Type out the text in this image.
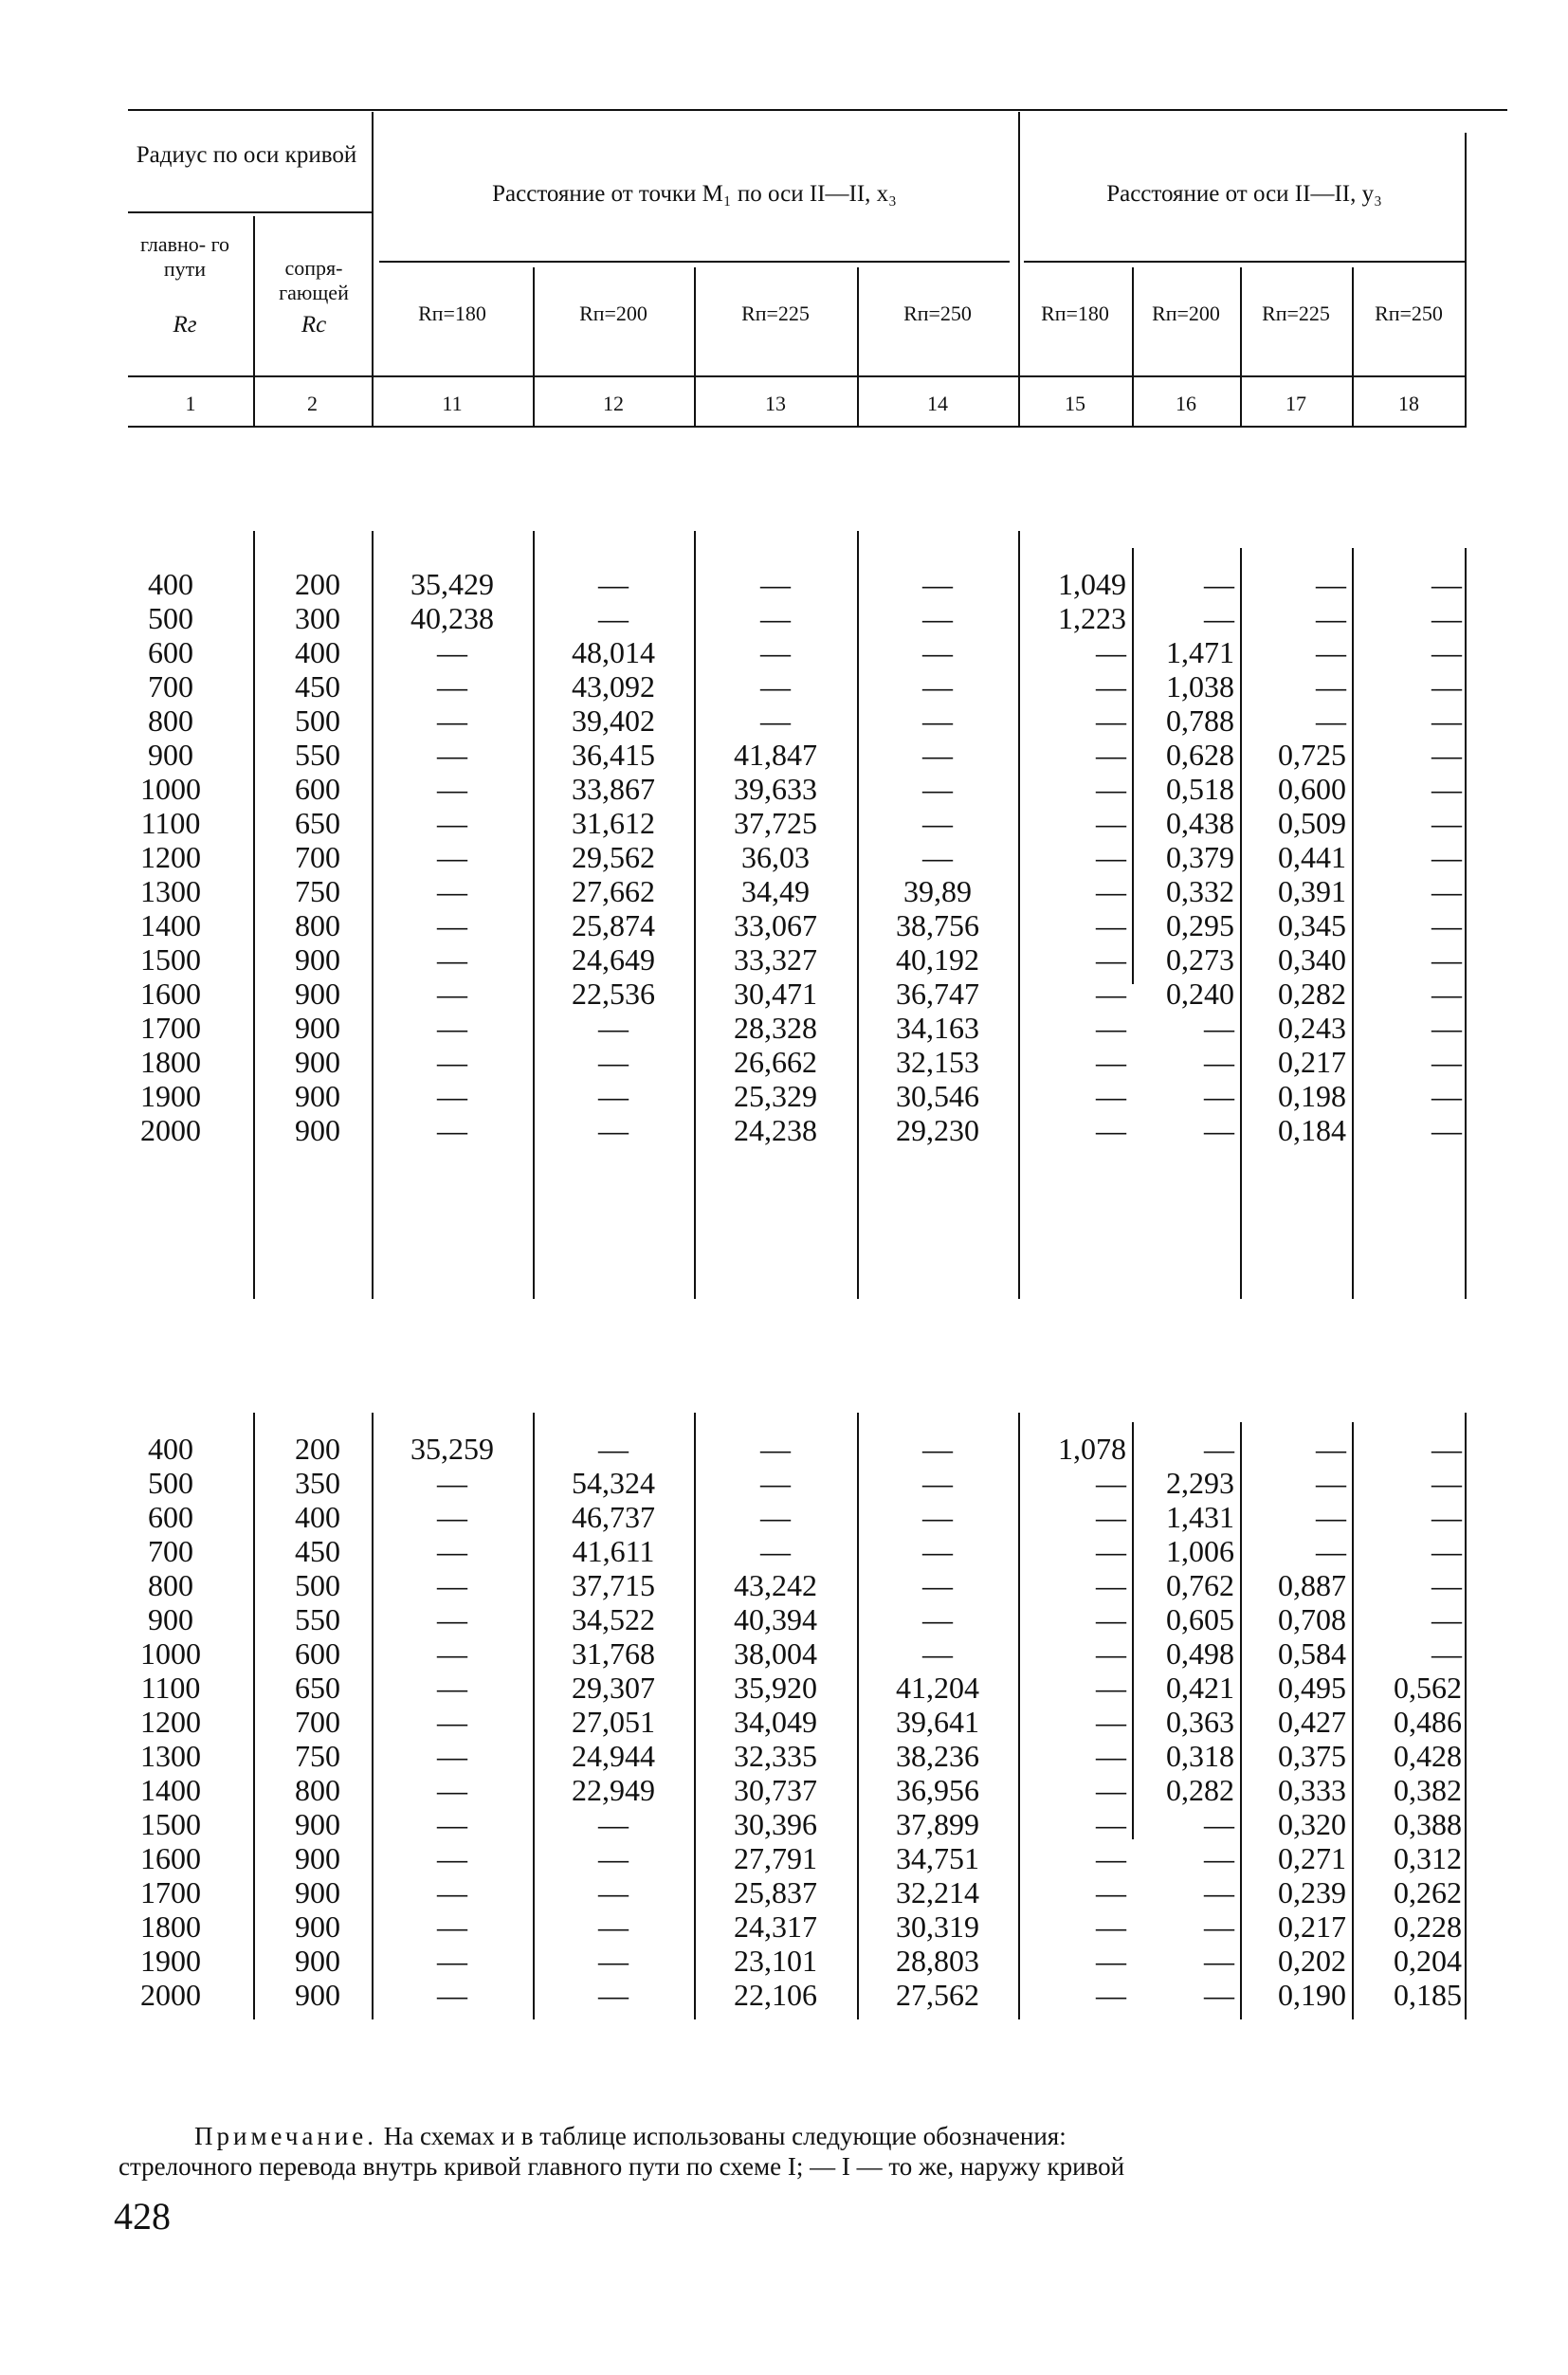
Радиус по оси кривой
Расстояние от точки M₁ по оси II—II, x₃	Расстояние от оси II—II, y₃
главно- го пути
Rг
сопря- гающей
Rс	Rп=180	Rп=200	Rп=225	Rп=250	Rп=180	Rп=200	Rп=225	Rп=250
1	2	11	12	13	14	15	16	17	18
400	200	35,429	—	—	—	1,049	—	—	—
500	300	40,238	—	—	—	1,223	—	—	—
600	400	—	48,014	—	—	—	1,471	—	—
700	450	—	43,092	—	—	—	1,038	—	—
800	500	—	39,402	—	—	—	0,788	—	—
900	550	—	36,415	41,847	—	—	0,628	0,725	—
1000	600	—	33,867	39,633	—	—	0,518	0,600	—
1100	650	—	31,612	37,725	—	—	0,438	0,509	—
1200	700	—	29,562	36,03	—	—	0,379	0,441	—
1300	750	—	27,662	34,49	39,89	—	0,332	0,391	—
1400	800	—	25,874	33,067	38,756	—	0,295	0,345	—
1500	900	—	24,649	33,327	40,192	—	0,273	0,340	—
1600	900	—	22,536	30,471	36,747	—	0,240	0,282	—
1700	900	—	—	28,328	34,163	—	—	0,243	—
1800	900	—	—	26,662	32,153	—	—	0,217	—
1900	900	—	—	25,329	30,546	—	—	0,198	—
2000	900	—	—	24,238	29,230	—	—	0,184	—
400	200	35,259	—	—	—	1,078	—	—	—
500	350	—	54,324	—	—	—	2,293	—	—
600	400	—	46,737	—	—	—	1,431	—	—
700	450	—	41,611	—	—	—	1,006	—	—
800	500	—	37,715	43,242	—	—	0,762	0,887	—
900	550	—	34,522	40,394	—	—	0,605	0,708	—
1000	600	—	31,768	38,004	—	—	0,498	0,584	—
1100	650	—	29,307	35,920	41,204	—	0,421	0,495	0,562
1200	700	—	27,051	34,049	39,641	—	0,363	0,427	0,486
1300	750	—	24,944	32,335	38,236	—	0,318	0,375	0,428
1400	800	—	22,949	30,737	36,956	—	0,282	0,333	0,382
1500	900	—	—	30,396	37,899	—	—	0,320	0,388
1600	900	—	—	27,791	34,751	—	—	0,271	0,312
1700	900	—	—	25,837	32,214	—	—	0,239	0,262
1800	900	—	—	24,317	30,319	—	—	0,217	0,228
1900	900	—	—	23,101	28,803	—	—	0,202	0,204
2000	900	—	—	22,106	27,562	—	—	0,190	0,185
Примечание. На схемах и в таблице использованы следующие обозначения:
стрелочного перевода внутрь кривой главного пути по схеме I; — I — то же, наружу кривой
428
